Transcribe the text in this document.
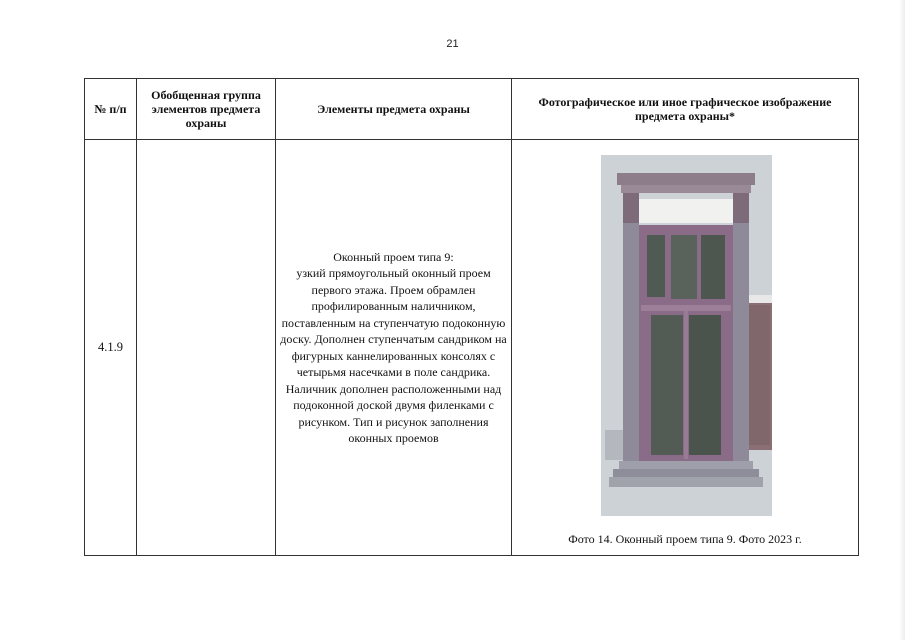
21
№ п/п	Обобщенная группа элементов предмета охраны	Элементы предмета охраны	Фотографическое или иное графическое изображение предмета охраны*
4.1.9		Оконный проем типа 9:
узкий прямоугольный оконный проем первого этажа. Проем обрамлен профилированным наличником, поставленным на ступенчатую подоконную доску. Дополнен ступенчатым сандриком на фигурных каннелированных консолях с четырьмя насечками в поле сандрика. Наличник дополнен расположенными над подоконной доской двумя филенками с рисунком. Тип и рисунок заполнения оконных проемов	Фото 14. Оконный проем типа 9. Фото 2023 г.
